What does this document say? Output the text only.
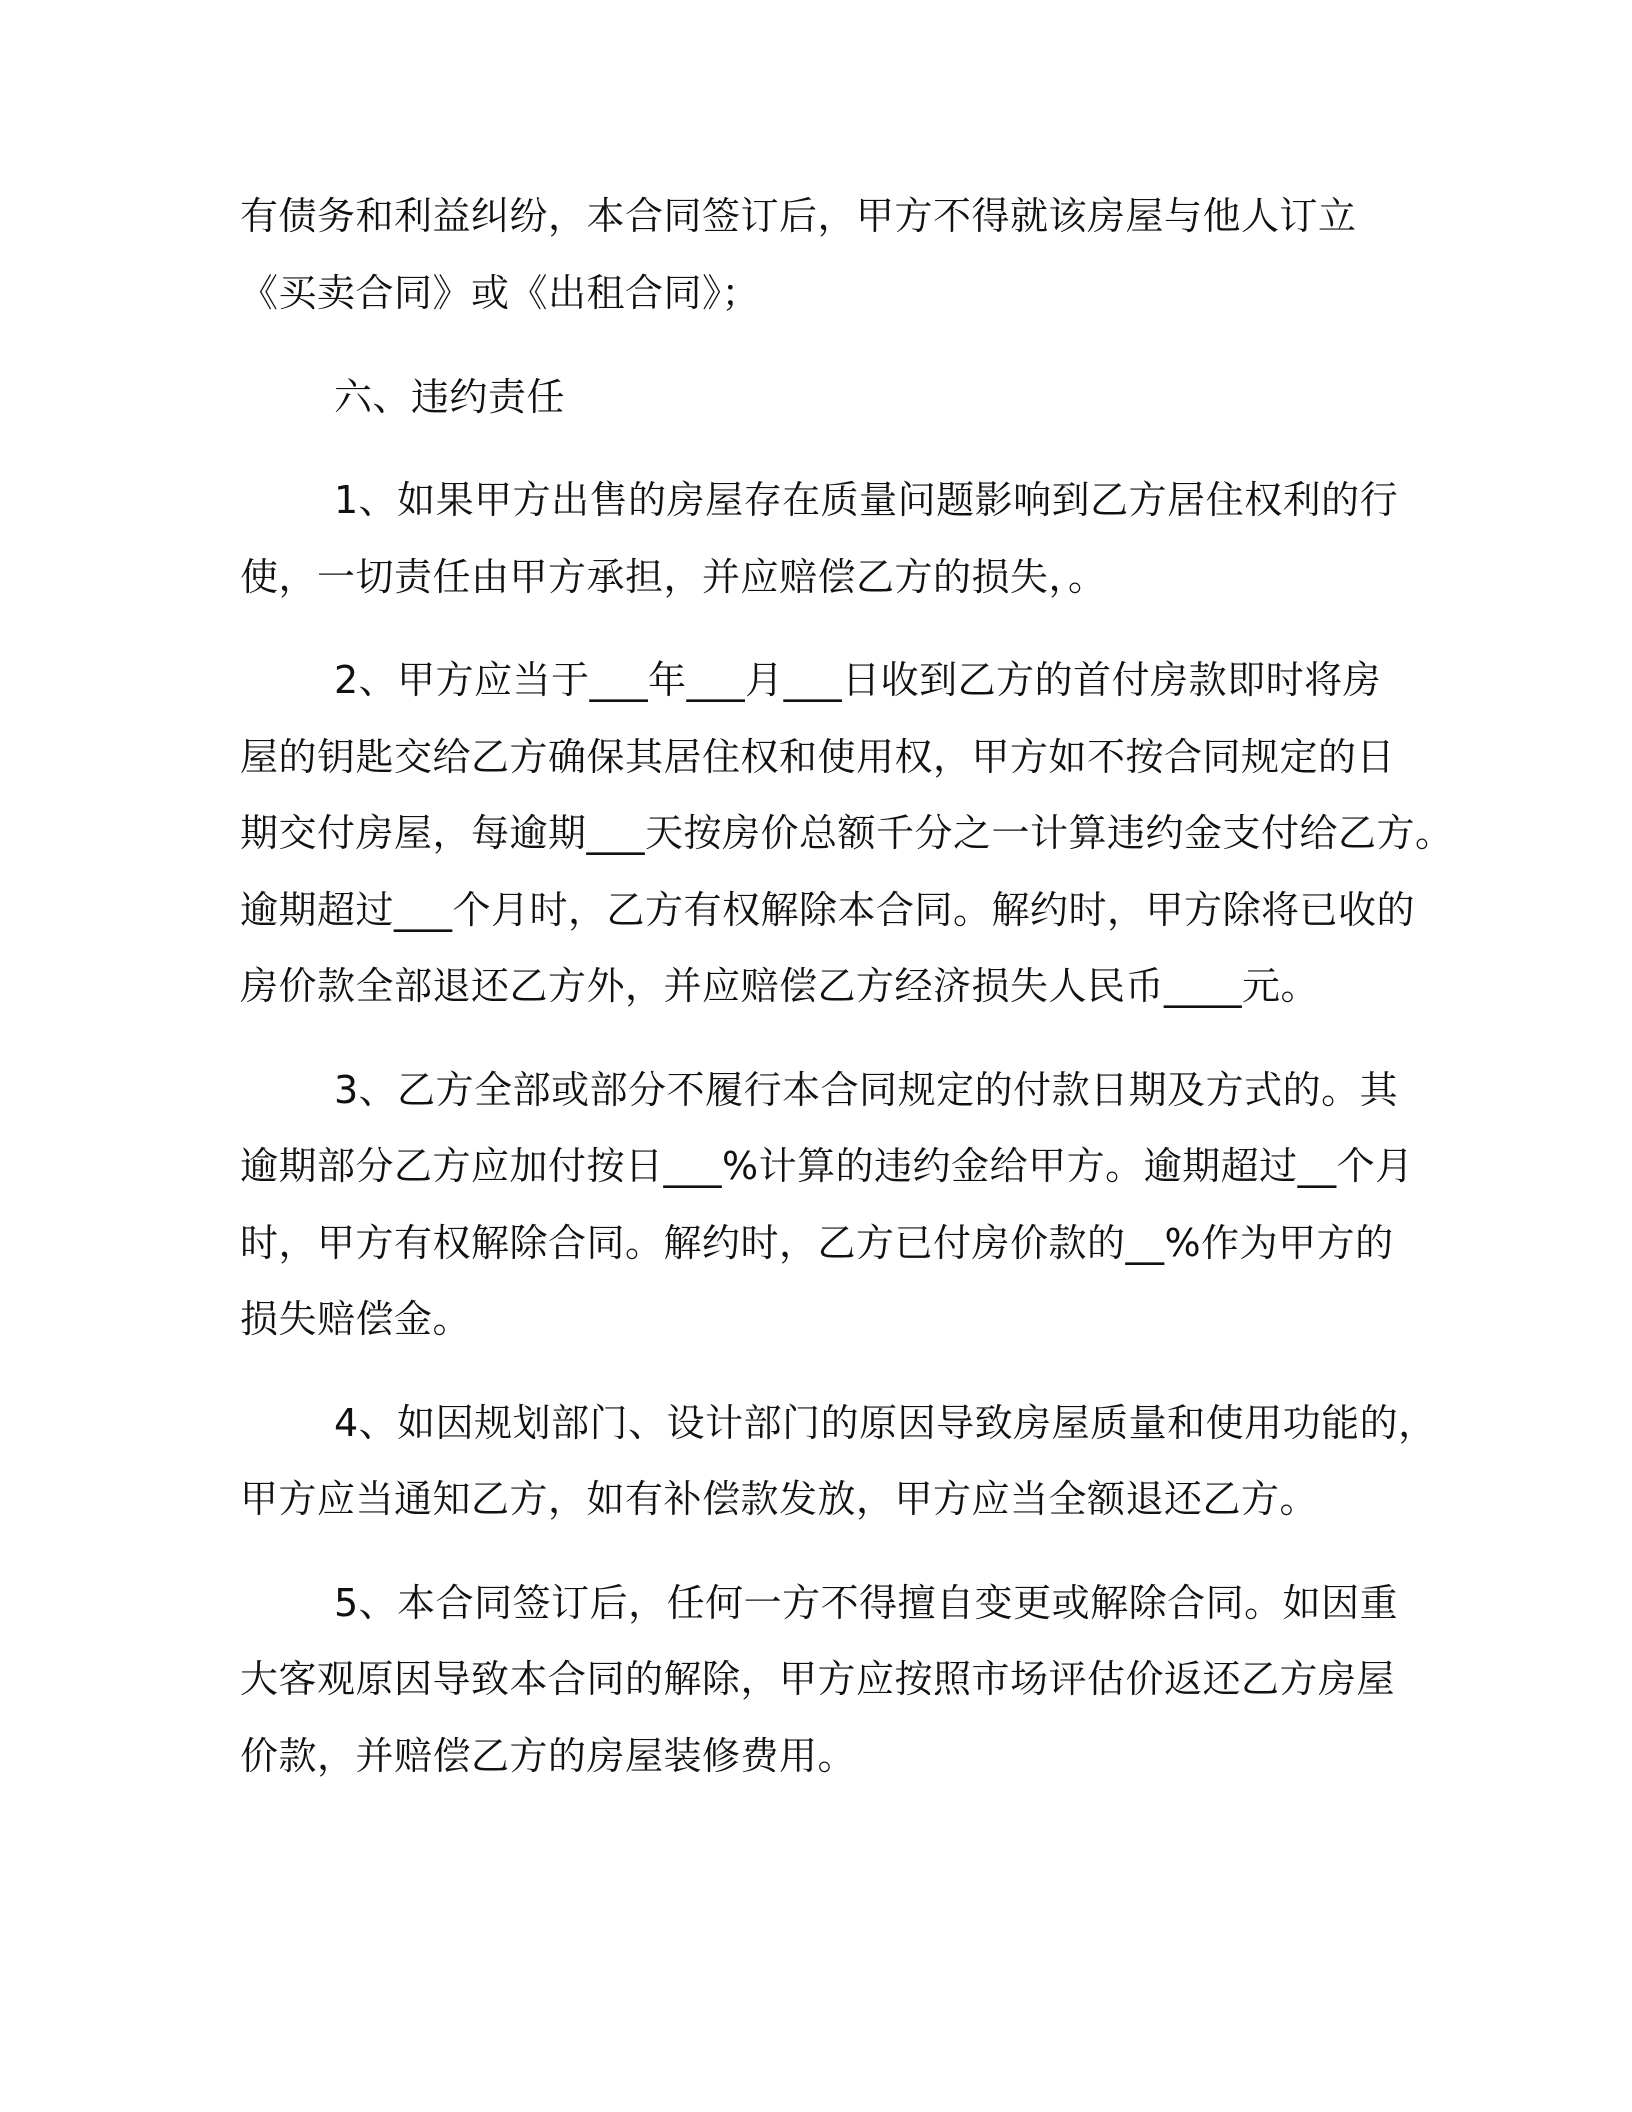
有债务和利益纠纷，本合同签订后，甲方不得就该房屋与他人订立
《买卖合同》或《出租合同》；
六、违约责任
1、如果甲方出售的房屋存在质量问题影响到乙方居住权利的行
使，一切责任由甲方承担，并应赔偿乙方的损失，。
2、甲方应当于___年___月___日收到乙方的首付房款即时将房
屋的钥匙交给乙方确保其居住权和使用权，甲方如不按合同规定的日
期交付房屋，每逾期___天按房价总额千分之一计算违约金支付给乙方。
逾期超过___个月时，乙方有权解除本合同。解约时，甲方除将已收的
房价款全部退还乙方外，并应赔偿乙方经济损失人民币____元。
3、乙方全部或部分不履行本合同规定的付款日期及方式的。其
逾期部分乙方应加付按日___%计算的违约金给甲方。逾期超过__个月
时，甲方有权解除合同。解约时，乙方已付房价款的__%作为甲方的
损失赔偿金。
4、如因规划部门、设计部门的原因导致房屋质量和使用功能的，
甲方应当通知乙方，如有补偿款发放，甲方应当全额退还乙方。
5、本合同签订后，任何一方不得擅自变更或解除合同。如因重
大客观原因导致本合同的解除，甲方应按照市场评估价返还乙方房屋
价款，并赔偿乙方的房屋装修费用。
